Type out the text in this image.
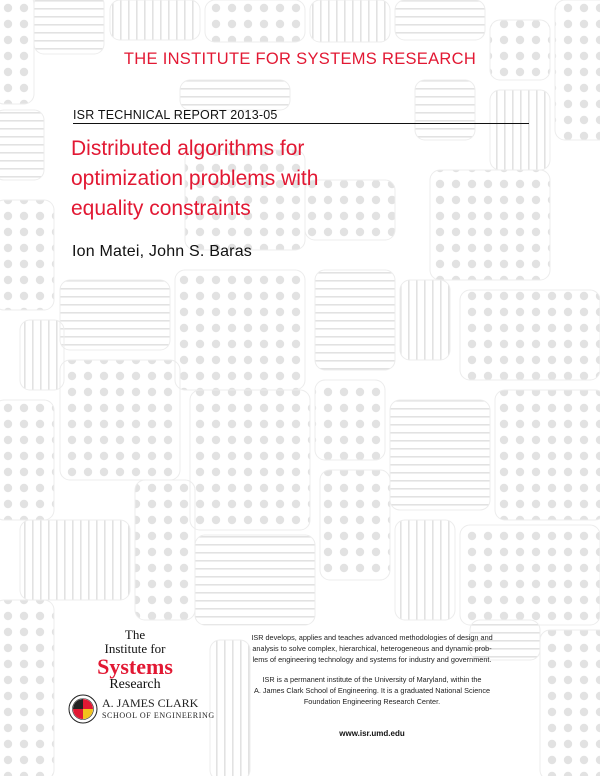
THE INSTITUTE FOR SYSTEMS RESEARCH
ISR TECHNICAL REPORT 2013-05
Distributed algorithms for
optimization problems with
equality constraints
Ion Matei, John S. Baras
The
Institute for
Systems
Research
A. JAMES CLARK
SCHOOL OF ENGINEERING

ISR develops, applies and teaches advanced methodologies of design and
analysis to solve complex, hierarchical, heterogeneous and dynamic prob-
lems of engineering technology and systems for industry and government.

ISR is a permanent institute of the University of Maryland, within the
A. James Clark School of Engineering. It is a graduated National Science
Foundation Engineering Research Center.

www.isr.umd.edu
